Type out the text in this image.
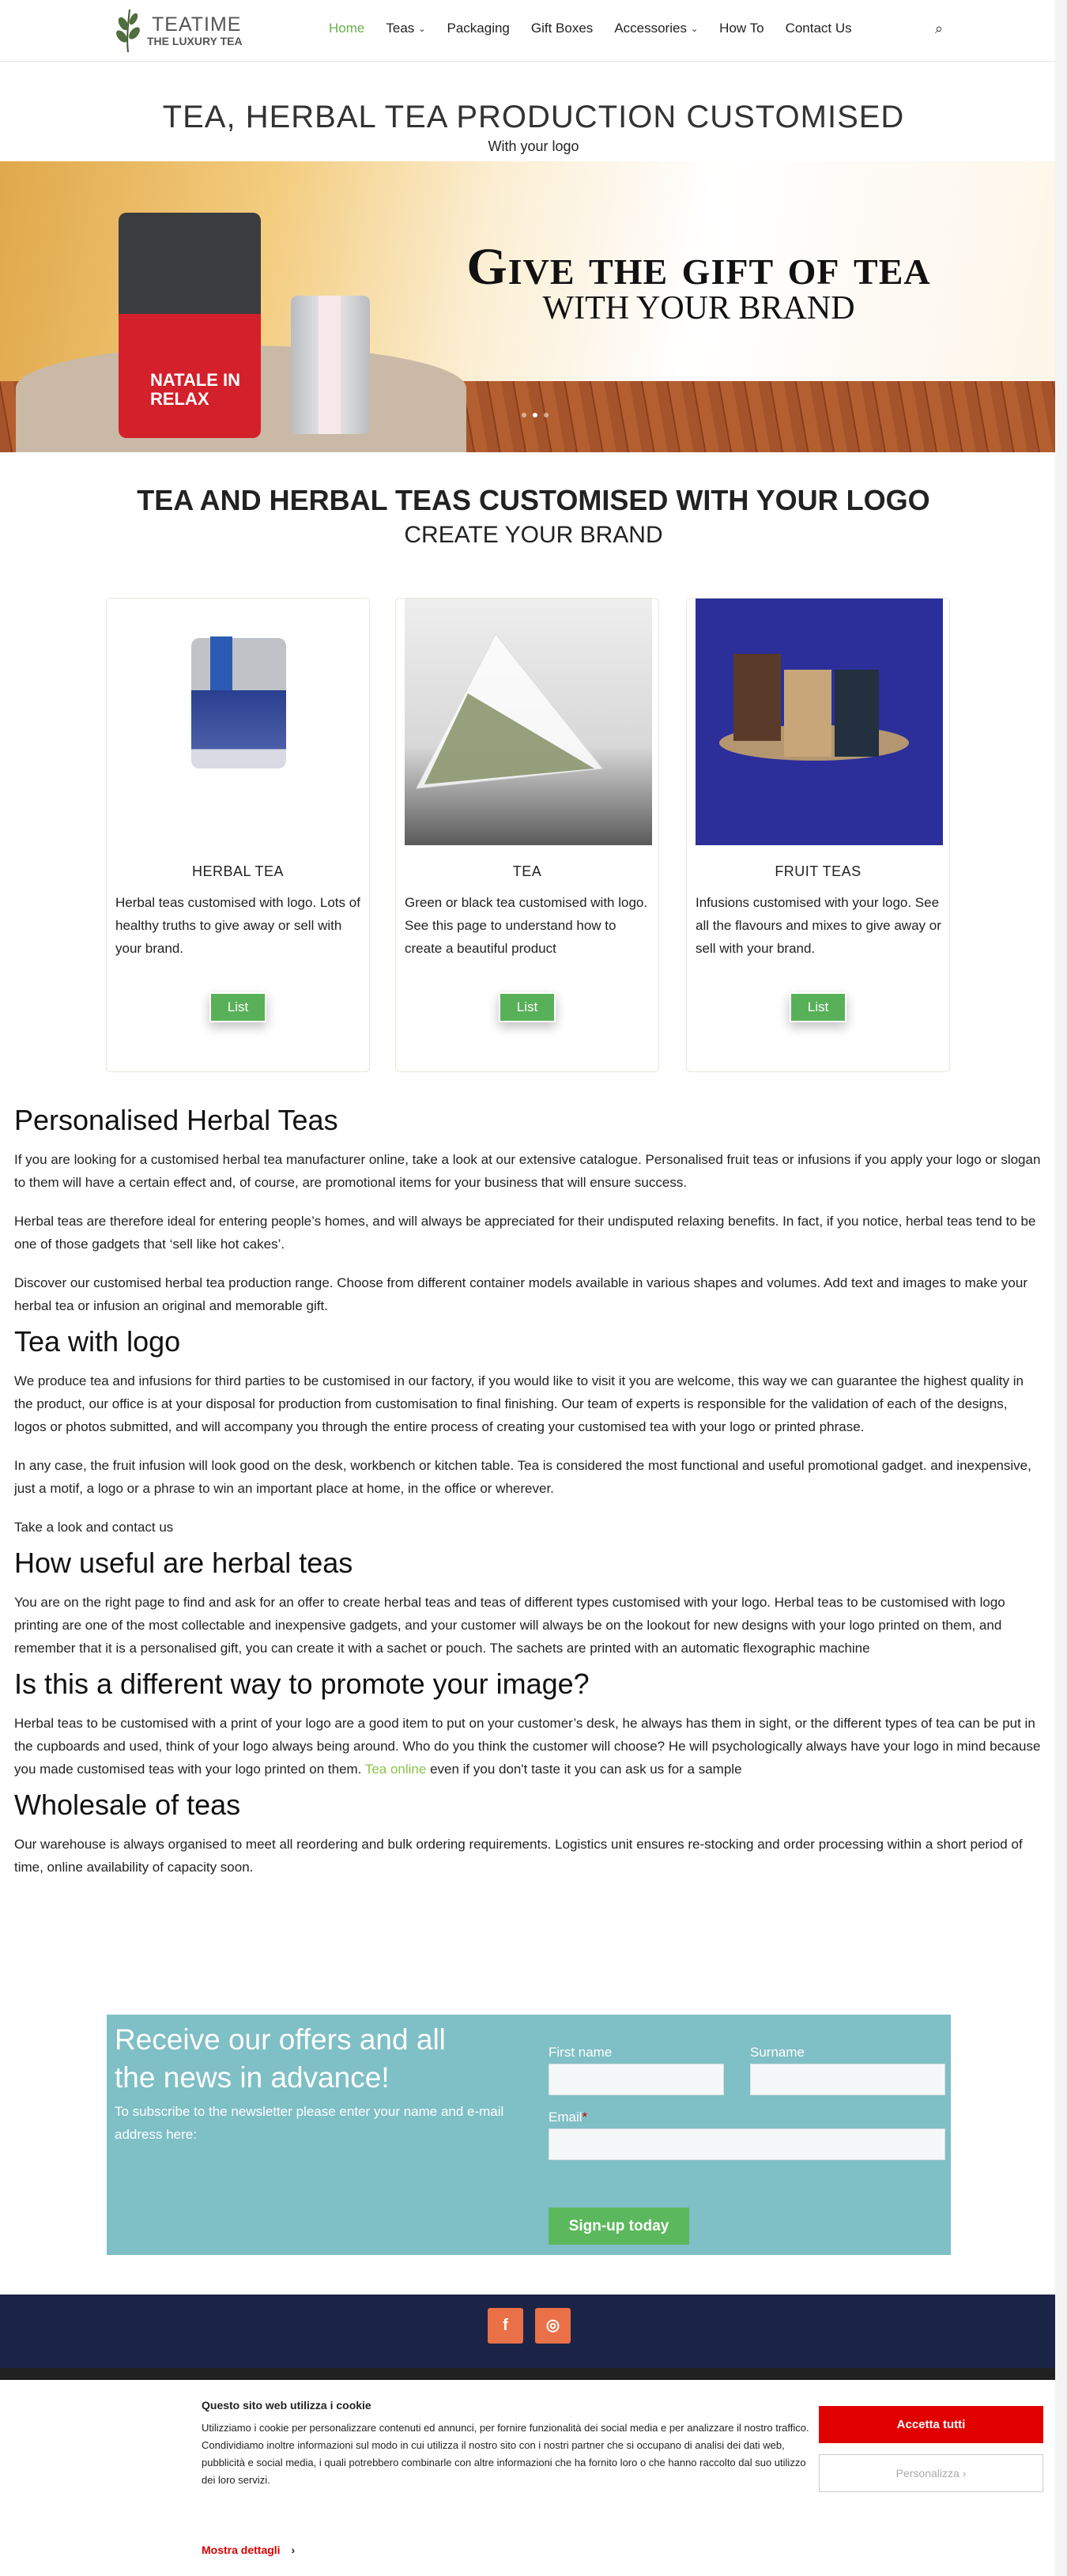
TEATIME
THE LUXURY TEA
Home Teas ⌄ Packaging Gift Boxes Accessories ⌄ How To Contact Us	⌕
TEA, HERBAL TEA PRODUCTION CUSTOMISED
With your logo
NATALE IN RELAX
Give the gift of tea
WITH YOUR BRAND
TEA AND HERBAL TEAS CUSTOMISED WITH YOUR LOGO
CREATE YOUR BRAND
HERBAL TEA

Herbal teas customised with logo. Lots of healthy truths to give away or sell with your brand.

List
TEA

Green or black tea customised with logo. See this page to understand how to create a beautiful product

List
FRUIT TEAS

Infusions customised with your logo. See all the flavours and mixes to give away or sell with your brand.

List
Personalised Herbal Teas

If you are looking for a customised herbal tea manufacturer online, take a look at our extensive catalogue. Personalised fruit teas or infusions if you apply your logo or slogan to them will have a certain effect and, of course, are promotional items for your business that will ensure success.

Herbal teas are therefore ideal for entering people’s homes, and will always be appreciated for their undisputed relaxing benefits. In fact, if you notice, herbal teas tend to be one of those gadgets that ‘sell like hot cakes’.

Discover our customised herbal tea production range. Choose from different container models available in various shapes and volumes. Add text and images to make your herbal tea or infusion an original and memorable gift.

Tea with logo

We produce tea and infusions for third parties to be customised in our factory, if you would like to visit it you are welcome, this way we can guarantee the highest quality in the product, our office is at your disposal for production from customisation to final finishing. Our team of experts is responsible for the validation of each of the designs, logos or photos submitted, and will accompany you through the entire process of creating your customised tea with your logo or printed phrase.

In any case, the fruit infusion will look good on the desk, workbench or kitchen table. Tea is considered the most functional and useful promotional gadget. and inexpensive, just a motif, a logo or a phrase to win an important place at home, in the office or wherever.

Take a look and contact us

How useful are herbal teas

You are on the right page to find and ask for an offer to create herbal teas and teas of different types customised with your logo. Herbal teas to be customised with logo printing are one of the most collectable and inexpensive gadgets, and your customer will always be on the lookout for new designs with your logo printed on them, and remember that it is a personalised gift, you can create it with a sachet or pouch. The sachets are printed with an automatic flexographic machine

Is this a different way to promote your image?

Herbal teas to be customised with a print of your logo are a good item to put on your customer’s desk, he always has them in sight, or the different types of tea can be put in the cupboards and used, think of your logo always being around. Who do you think the customer will choose? He will psychologically always have your logo in mind because you made customised teas with your logo printed on them. Tea online even if you don't taste it you can ask us for a sample

Wholesale of teas

Our warehouse is always organised to meet all reordering and bulk ordering requirements. Logistics unit ensures re-stocking and order processing within a short period of time, online availability of capacity soon.

Receive our offers and all the news in advance!
To subscribe to the newsletter please enter your name and e-mail address here:
First name	Surname
Email*
Sign-up today
f	◎
Questo sito web utilizza i cookie

Utilizziamo i cookie per personalizzare contenuti ed annunci, per fornire funzionalità dei social media e per analizzare il nostro traffico. Condividiamo inoltre informazioni sul modo in cui utilizza il nostro sito con i nostri partner che si occupano di analisi dei dati web, pubblicità e social media, i quali potrebbero combinarle con altre informazioni che ha fornito loro o che hanno raccolto dal suo utilizzo dei loro servizi.

Mostra dettagli ›
Accetta tutti
Personalizza ›
